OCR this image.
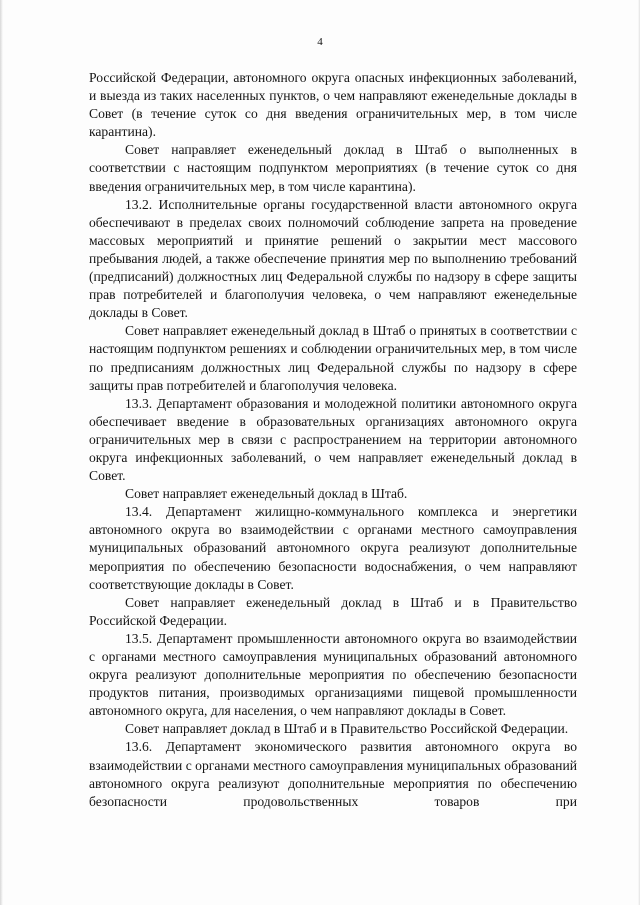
4

Российской Федерации, автономного округа опасных инфекционных заболеваний, и выезда из таких населенных пунктов, о чем направляют еженедельные доклады в Совет (в течение суток со дня введения ограничительных мер, в том числе карантина).

Совет направляет еженедельный доклад в Штаб о выполненных в соответствии с настоящим подпунктом мероприятиях (в течение суток со дня введения ограничительных мер, в том числе карантина).

13.2. Исполнительные органы государственной власти автономного округа обеспечивают в пределах своих полномочий соблюдение запрета на проведение массовых мероприятий и принятие решений о закрытии мест массового пребывания людей, а также обеспечение принятия мер по выполнению требований (предписаний) должностных лиц Федеральной службы по надзору в сфере защиты прав потребителей и благополучия человека, о чем направляют еженедельные доклады в Совет.

Совет направляет еженедельный доклад в Штаб о принятых в соответствии с настоящим подпунктом решениях и соблюдении ограничительных мер, в том числе по предписаниям должностных лиц Федеральной службы по надзору в сфере защиты прав потребителей и благополучия человека.

13.3. Департамент образования и молодежной политики автономного округа обеспечивает введение в образовательных организациях автономного округа ограничительных мер в связи с распространением на территории автономного округа инфекционных заболеваний, о чем направляет еженедельный доклад в Совет.

Совет направляет еженедельный доклад в Штаб.

13.4. Департамент жилищно-коммунального комплекса и энергетики автономного округа во взаимодействии с органами местного самоуправления муниципальных образований автономного округа реализуют дополнительные мероприятия по обеспечению безопасности водоснабжения, о чем направляют соответствующие доклады в Совет.

Совет направляет еженедельный доклад в Штаб и в Правительство Российской Федерации.

13.5. Департамент промышленности автономного округа во взаимодействии с органами местного самоуправления муниципальных образований автономного округа реализуют дополнительные мероприятия по обеспечению безопасности продуктов питания, производимых организациями пищевой промышленности автономного округа, для населения, о чем направляют доклады в Совет.

Совет направляет доклад в Штаб и в Правительство Российской Федерации.

13.6. Департамент экономического развития автономного округа во взаимодействии с органами местного самоуправления муниципальных образований автономного округа реализуют дополнительные мероприятия по обеспечению безопасности продовольственных товаров при
